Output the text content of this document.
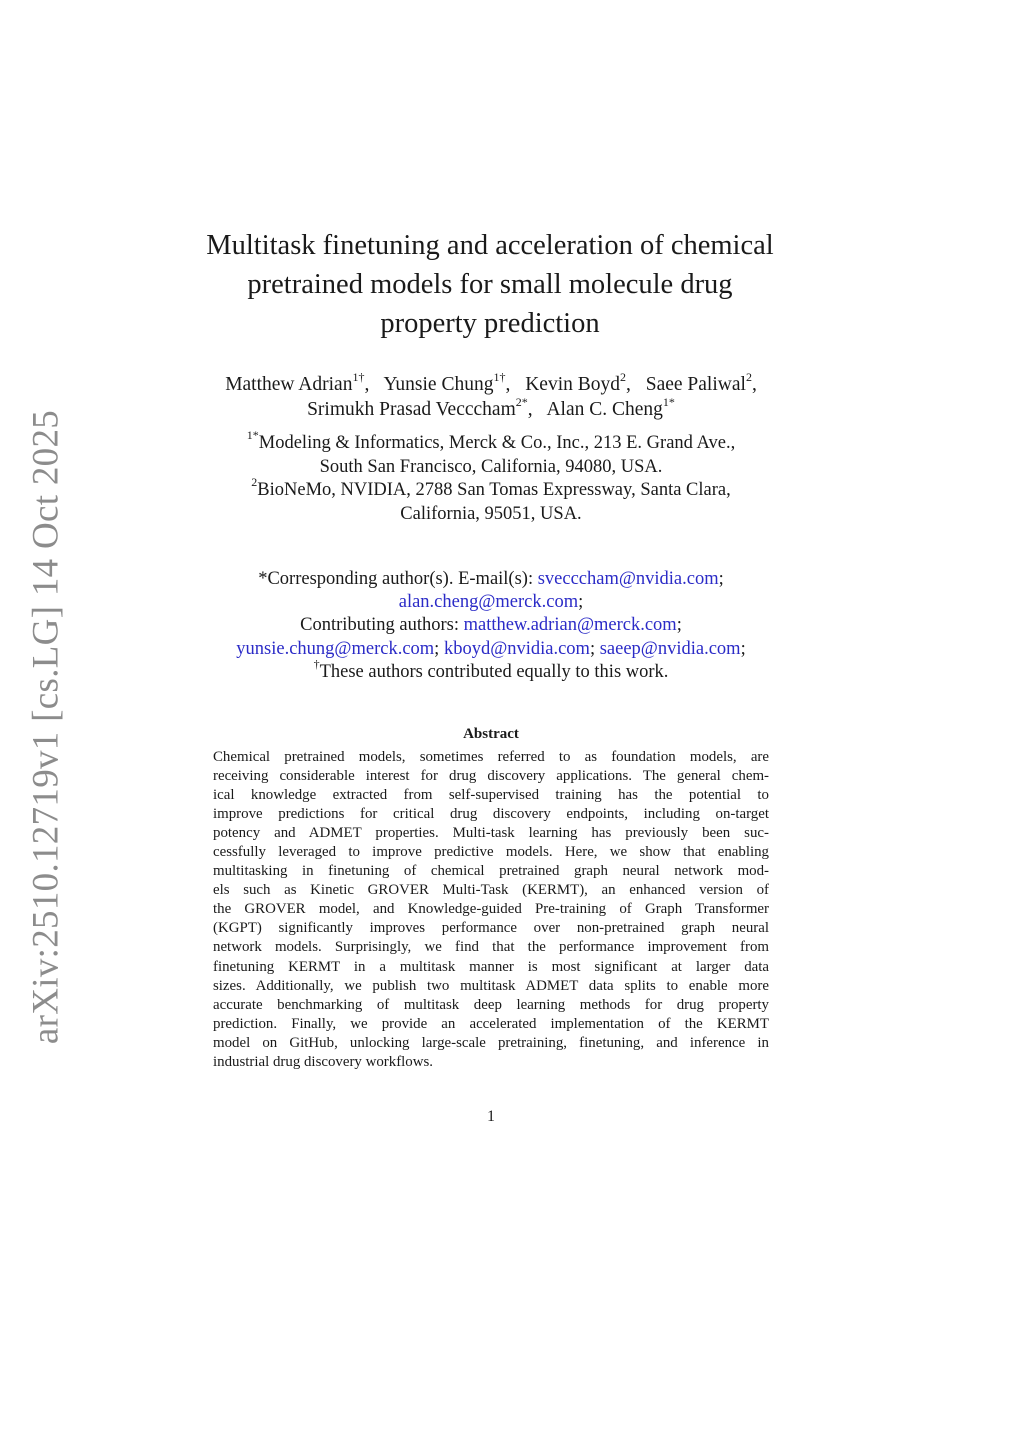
arXiv:2510.12719v1 [cs.LG] 14 Oct 2025
Multitask finetuning and acceleration of chemical
pretrained models for small molecule drug
property prediction
Matthew Adrian$^{1\dagger}$, Yunsie Chung$^{1\dagger}$, Kevin Boyd$^2$, Saee Paliwal$^2$,
Srimukh Prasad Vecccham$^{2*}$, Alan C. Cheng$^{1*}$
$^{1*}$Modeling & Informatics, Merck & Co., Inc., 213 E. Grand Ave.,
South San Francisco, California, 94080, USA.
$^2$BioNeMo, NVIDIA, 2788 San Tomas Expressway, Santa Clara,
California, 95051, USA.
*Corresponding author(s). E-mail(s): svecccham@nvidia.com;
alan.cheng@merck.com;
Contributing authors: matthew.adrian@merck.com;
yunsie.chung@merck.com; kboyd@nvidia.com; saeep@nvidia.com;
†These authors contributed equally to this work.
Abstract
Chemical pretrained models, sometimes referred to as foundation models, are
receiving considerable interest for drug discovery applications. The general chem-
ical knowledge extracted from self-supervised training has the potential to
improve predictions for critical drug discovery endpoints, including on-target
potency and ADMET properties. Multi-task learning has previously been suc-
cessfully leveraged to improve predictive models. Here, we show that enabling
multitasking in finetuning of chemical pretrained graph neural network mod-
els such as Kinetic GROVER Multi-Task (KERMT), an enhanced version of
the GROVER model, and Knowledge-guided Pre-training of Graph Transformer
(KGPT) significantly improves performance over non-pretrained graph neural
network models. Surprisingly, we find that the performance improvement from
finetuning KERMT in a multitask manner is most significant at larger data
sizes. Additionally, we publish two multitask ADMET data splits to enable more
accurate benchmarking of multitask deep learning methods for drug property
prediction. Finally, we provide an accelerated implementation of the KERMT
model on GitHub, unlocking large-scale pretraining, finetuning, and inference in
industrial drug discovery workflows.
1
